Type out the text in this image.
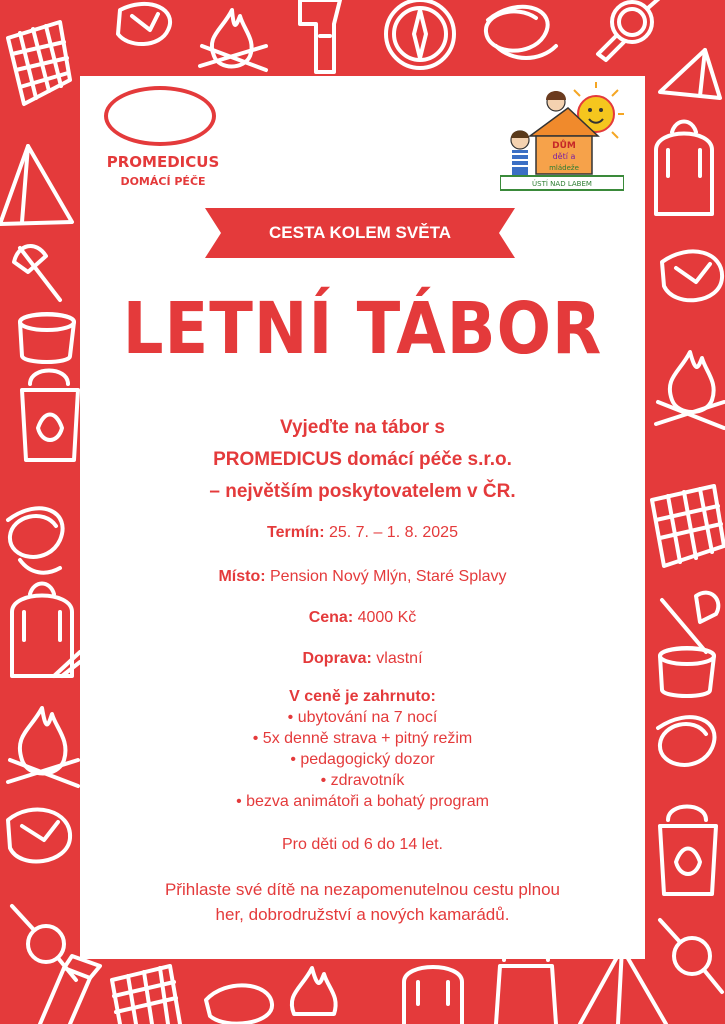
PROMEDICUS
DOMÁCÍ PÉČE
DŮM
dětí a
mládeže
ÚSTÍ NAD LABEM
CESTA KOLEM SVĚTA
LETNÍ TÁBOR
Vyjeďte na tábor s
PROMEDICUS domácí péče s.r.o.
– největším poskytovatelem v ČR.
Termín: 25. 7. – 1. 8. 2025
Místo: Pension Nový Mlýn, Staré Splavy
Cena: 4000 Kč
Doprava: vlastní
V ceně je zahrnuto:
• ubytování na 7 nocí
• 5x denně strava + pitný režim
• pedagogický dozor
• zdravotník
• bezva animátoři a bohatý program
Pro děti od 6 do 14 let.
Přihlaste své dítě na nezapomenutelnou cestu plnou
her, dobrodružství a nových kamarádů.
